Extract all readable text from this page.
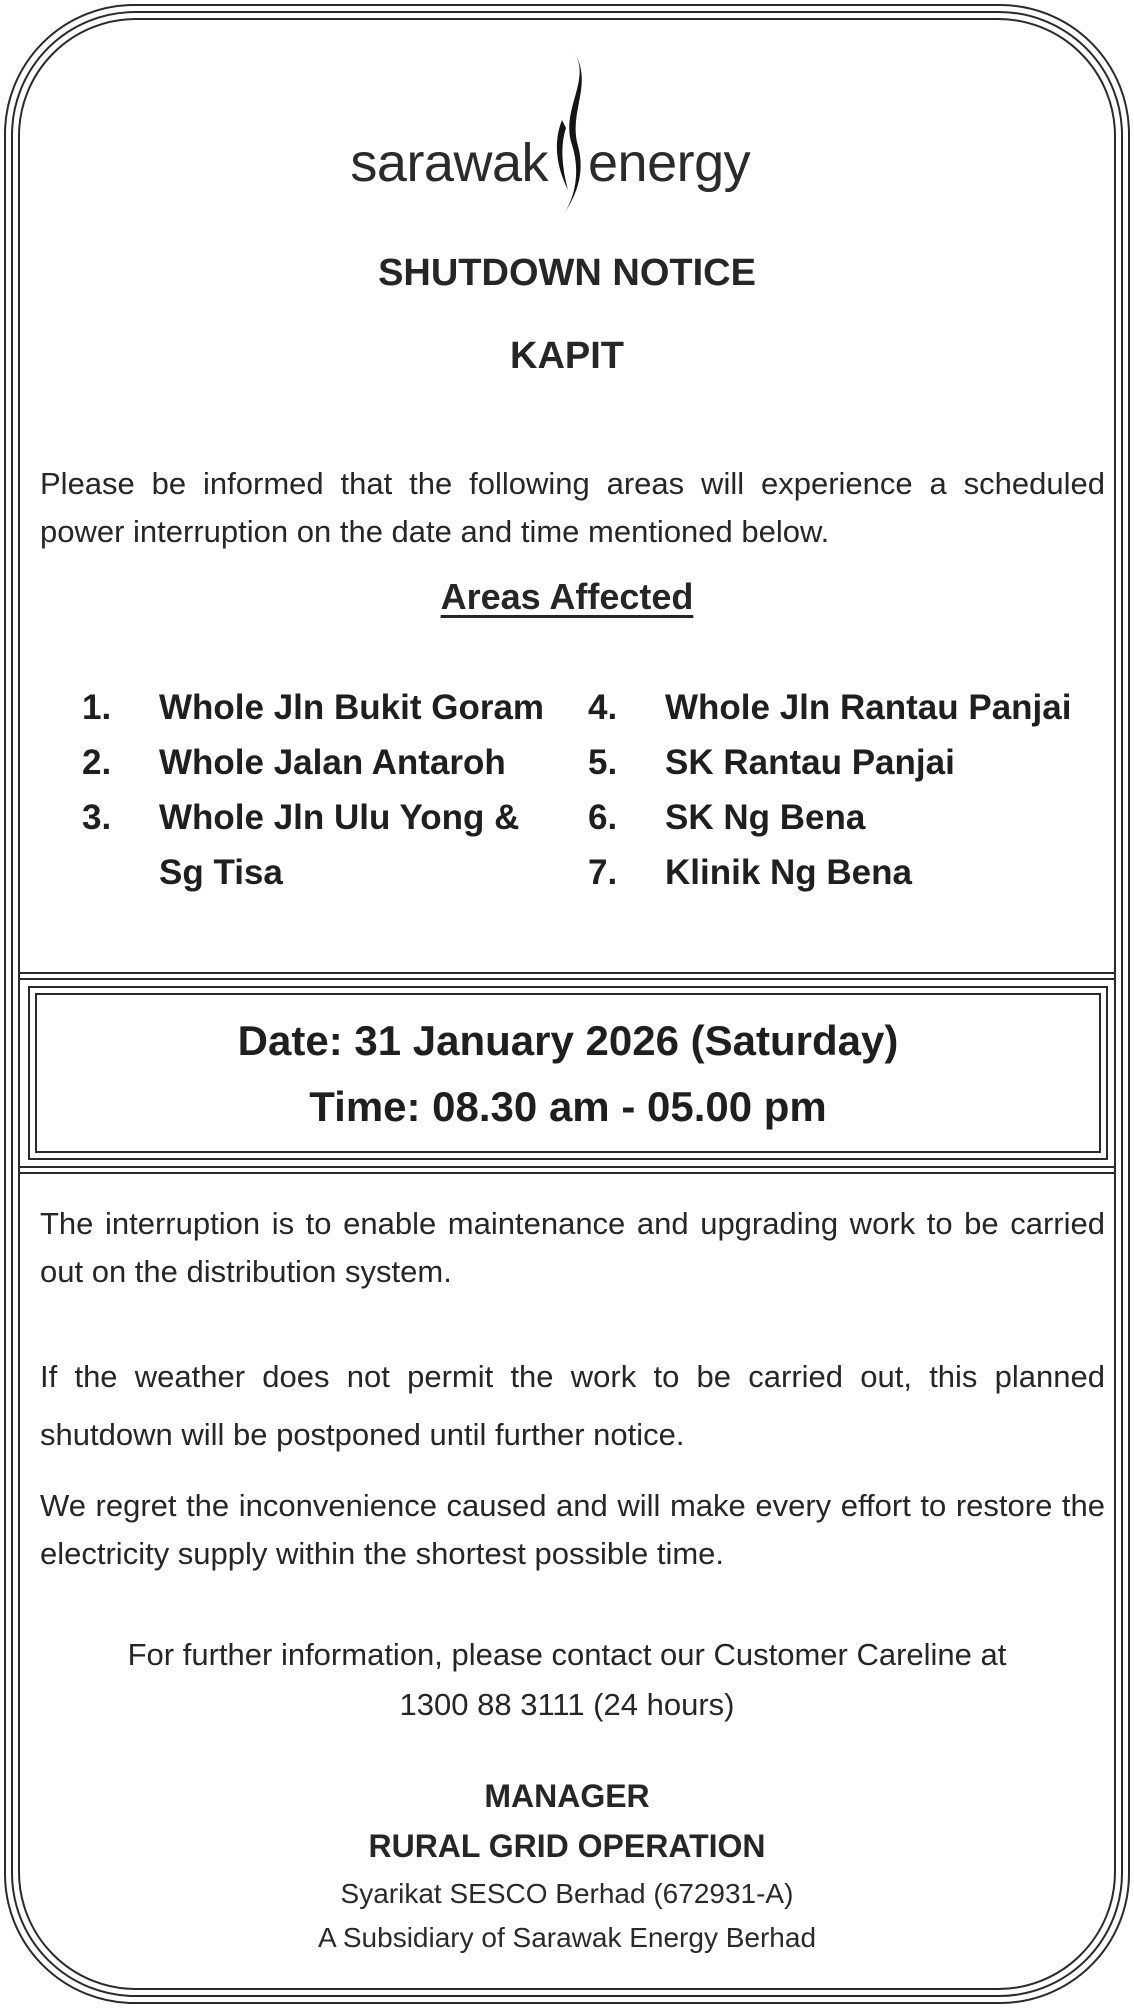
sarawak energy
SHUTDOWN NOTICE
KAPIT
Please be informed that the following areas will experience a scheduled power interruption on the date and time mentioned below.
Areas Affected
1. Whole Jln Bukit Goram
2. Whole Jalan Antaroh
3. Whole Jln Ulu Yong &
Sg Tisa
4. Whole Jln Rantau Panjai
5. SK Rantau Panjai
6. SK Ng Bena
7. Klinik Ng Bena
Date: 31 January 2026 (Saturday)
Time: 08.30 am - 05.00 pm
The interruption is to enable maintenance and upgrading work to be carried out on the distribution system.
If the weather does not permit the work to be carried out, this planned shutdown will be postponed until further notice.
We regret the inconvenience caused and will make every effort to restore the electricity supply within the shortest possible time.
For further information, please contact our Customer Careline at
1300 88 3111 (24 hours)
MANAGER
RURAL GRID OPERATION
Syarikat SESCO Berhad (672931-A)
A Subsidiary of Sarawak Energy Berhad
